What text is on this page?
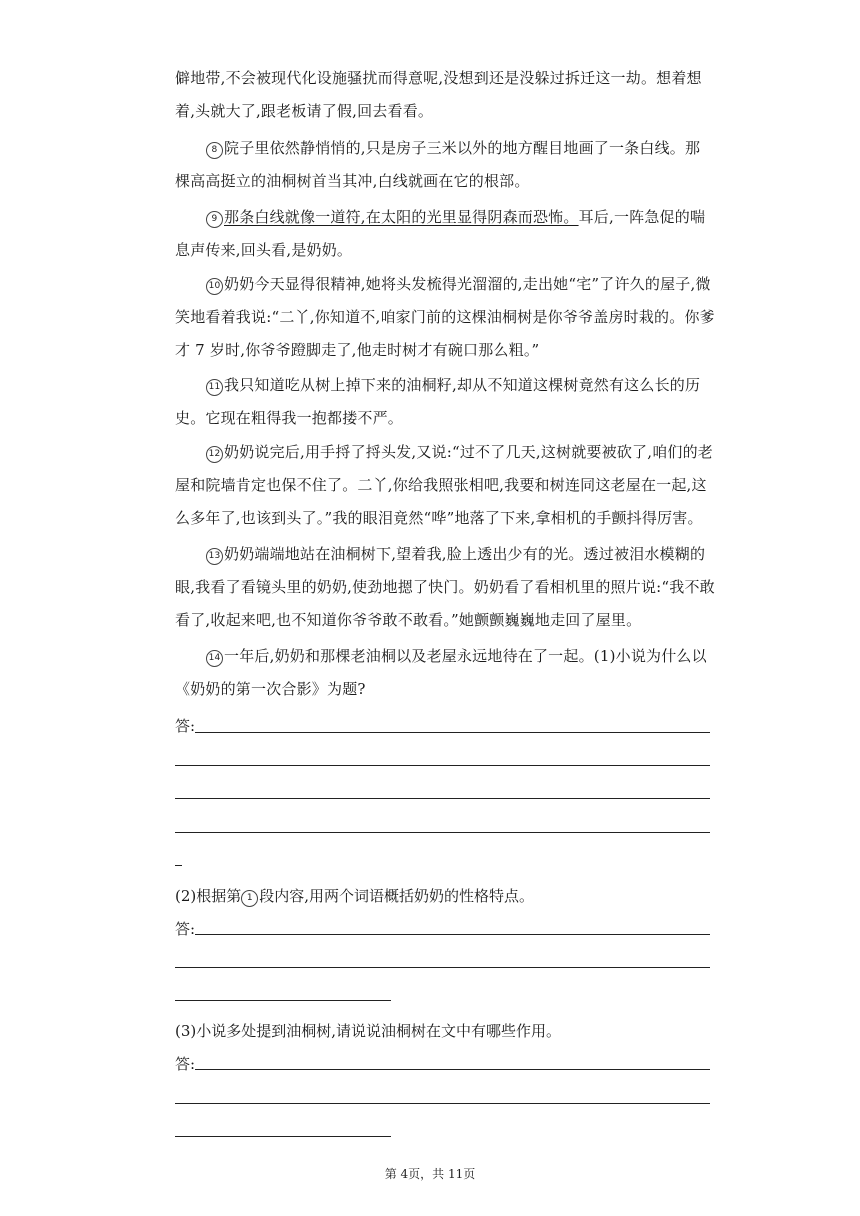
僻地带,不会被现代化设施骚扰而得意呢,没想到还是没躲过拆迁这一劫。想着想着,头就大了,跟老板请了假,回去看看。

8 院子里依然静悄悄的,只是房子三米以外的地方醒目地画了一条白线。那棵高高挺立的油桐树首当其冲,白线就画在它的根部。

9 那条白线就像一道符,在太阳的光里显得阴森而恐怖。耳后,一阵急促的喘息声传来,回头看,是奶奶。

10 奶奶今天显得很精神,她将头发梳得光溜溜的,走出她“宅”了许久的屋子,微笑地看着我说:“二丫,你知道不,咱家门前的这棵油桐树是你爷爷盖房时栽的。你爹才 7 岁时,你爷爷蹬脚走了,他走时树才有碗口那么粗。”

11 我只知道吃从树上掉下来的油桐籽,却从不知道这棵树竟然有这么长的历史。它现在粗得我一抱都搂不严。

12 奶奶说完后,用手捋了捋头发,又说:“过不了几天,这树就要被砍了,咱们的老屋和院墙肯定也保不住了。二丫,你给我照张相吧,我要和树连同这老屋在一起,这么多年了,也该到头了。”我的眼泪竟然“哗”地落了下来,拿相机的手颤抖得厉害。

13 奶奶端端地站在油桐树下,望着我,脸上透出少有的光。透过被泪水模糊的眼,我看了看镜头里的奶奶,使劲地摁了快门。奶奶看了看相机里的照片说:“我不敢看了,收起来吧,也不知道你爷爷敢不敢看。”她颤颤巍巍地走回了屋里。

14 一年后,奶奶和那棵老油桐以及老屋永远地待在了一起。(1)小说为什么以《奶奶的第一次合影》为题?

答:
(2)根据第 1 段内容,用两个词语概括奶奶的性格特点。
答:
(3)小说多处提到油桐树,请说说油桐树在文中有哪些作用。
答:
第 4页，共 11页
